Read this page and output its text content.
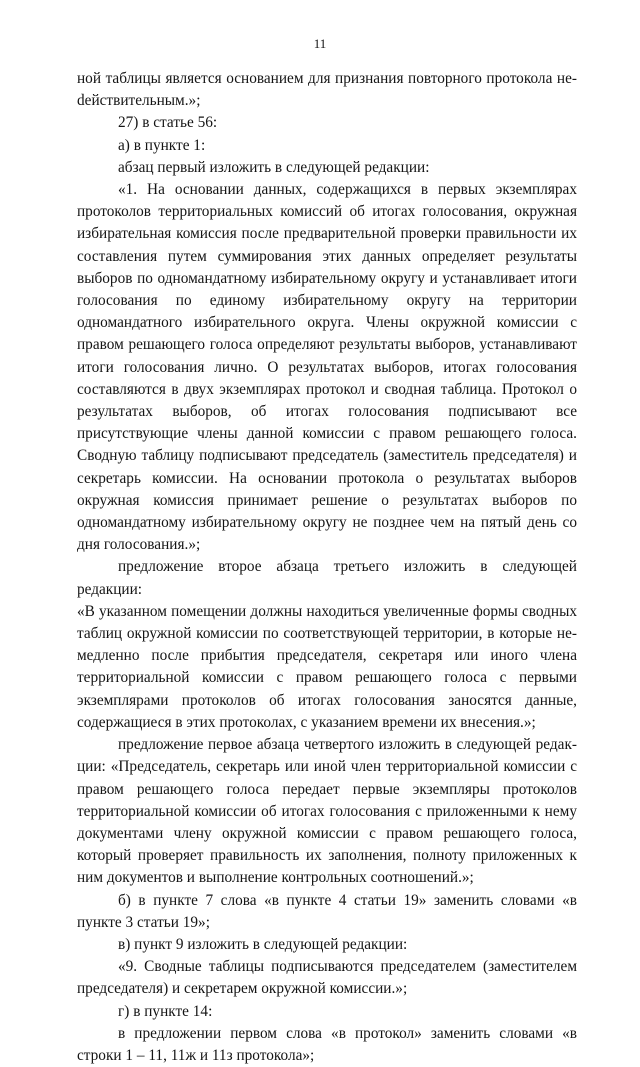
11

ной таблицы является основанием для признания повторного протокола неdействительным.»;

27) в статье 56:

а) в пункте 1:

абзац первый изложить в следующей редакции:

«1. На основании данных, содержащихся в первых экземплярах протоколов территориальных комиссий об итогах голосования, окружная избирательная комиссия после предварительной проверки правильности их составления путем суммирования этих данных определяет результаты выборов по одномандатному избирательному округу и устанавливает итоги голосования по единому избирательному округу на территории одномандатного избирательного округа. Члены окружной комиссии с правом решающего голоса определяют результаты выборов, устанавливают итоги голосования лично. О результатах выборов, итогах голосования составляются в двух экземплярах протокол и сводная таблица. Протокол о результатах выборов, об итогах голосования подписывают все присутствующие члены данной комиссии с правом решающего голоса. Сводную таблицу подписывают председатель (заместитель председателя) и секретарь комиссии. На основании протокола о результатах выборов окружная комиссия принимает решение о результатах выборов по одномандатному избирательному округу не позднее чем на пятый день со дня голосования.»;

предложение второе абзаца третьего изложить в следующей редакции:

«В указанном помещении должны находиться увеличенные формы сводных таблиц окружной комиссии по соответствующей территории, в которые немедленно после прибытия председателя, секретаря или иного члена территориальной комиссии с правом решающего голоса с первыми экземплярами протоколов об итогах голосования заносятся данные, содержащиеся в этих протоколах, с указанием времени их внесения.»;

предложение первое абзаца четвертого изложить в следующей редакции: «Председатель, секретарь или иной член территориальной комиссии с правом решающего голоса передает первые экземпляры протоколов территориальной комиссии об итогах голосования с приложенными к нему документами члену окружной комиссии с правом решающего голоса, который проверяет правильность их заполнения, полноту приложенных к ним документов и выполнение контрольных соотношений.»;

б) в пункте 7 слова «в пункте 4 статьи 19» заменить словами «в пункте 3 статьи 19»;

в) пункт 9 изложить в следующей редакции:

«9. Сводные таблицы подписываются председателем (заместителем председателя) и секретарем окружной комиссии.»;

г) в пункте 14:

в предложении первом слова «в протокол» заменить словами «в строки 1 – 11, 11ж и 11з протокола»;
